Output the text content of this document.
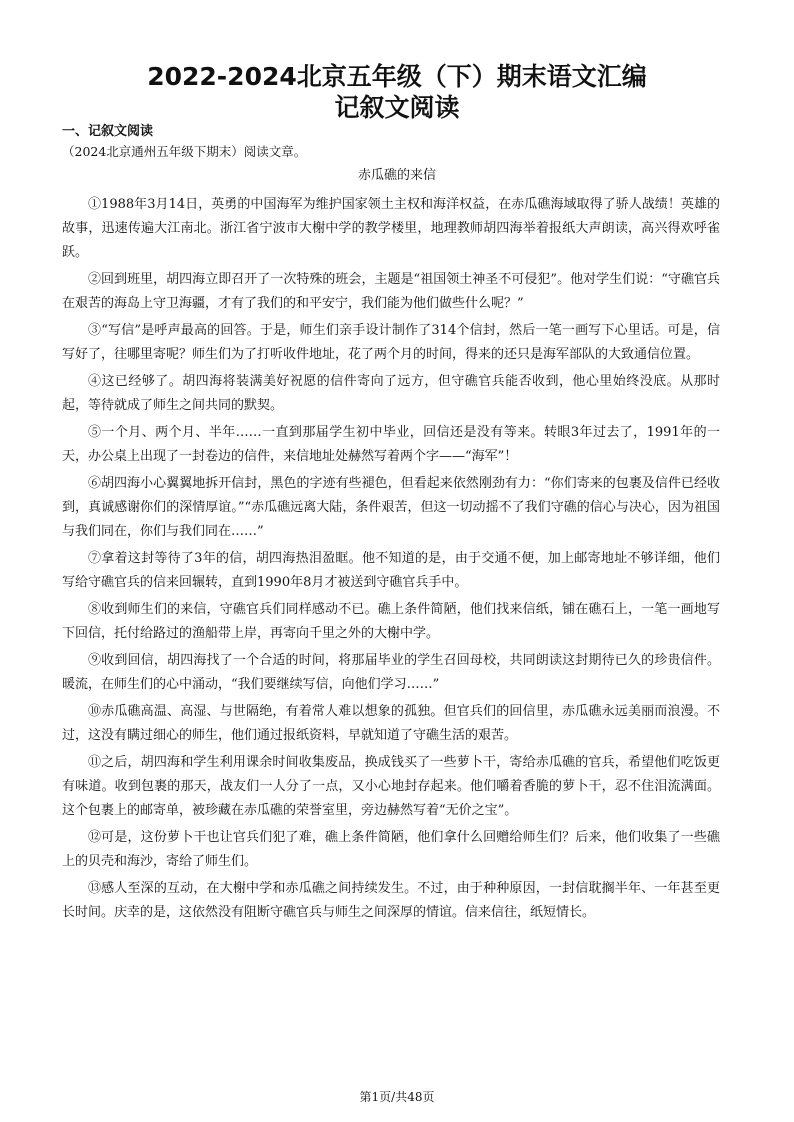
2022-2024北京五年级（下）期末语文汇编
记叙文阅读
一、记叙文阅读
（2024北京通州五年级下期末）阅读文章。
赤瓜礁的来信

①1988年3月14日，英勇的中国海军为维护国家领土主权和海洋权益，在赤瓜礁海域取得了骄人战绩！英雄的故事，迅速传遍大江南北。浙江省宁波市大榭中学的教学楼里，地理教师胡四海举着报纸大声朗读，高兴得欢呼雀跃。

②回到班里，胡四海立即召开了一次特殊的班会，主题是“祖国领土神圣不可侵犯”。他对学生们说：“守礁官兵在艰苦的海岛上守卫海疆，才有了我们的和平安宁，我们能为他们做些什么呢？”

③“写信”是呼声最高的回答。于是，师生们亲手设计制作了314个信封，然后一笔一画写下心里话。可是，信写好了，往哪里寄呢？师生们为了打听收件地址，花了两个月的时间，得来的还只是海军部队的大致通信位置。

④这已经够了。胡四海将装满美好祝愿的信件寄向了远方，但守礁官兵能否收到，他心里始终没底。从那时起，等待就成了师生之间共同的默契。

⑤一个月、两个月、半年……一直到那届学生初中毕业，回信还是没有等来。转眼3年过去了，1991年的一天，办公桌上出现了一封卷边的信件，来信地址处赫然写着两个字——“海军”！

⑥胡四海小心翼翼地拆开信封，黑色的字迹有些褪色，但看起来依然刚劲有力：“你们寄来的包裹及信件已经收到，真诚感谢你们的深情厚谊。”“赤瓜礁远离大陆，条件艰苦，但这一切动摇不了我们守礁的信心与决心，因为祖国与我们同在，你们与我们同在……”

⑦拿着这封等待了3年的信，胡四海热泪盈眶。他不知道的是，由于交通不便，加上邮寄地址不够详细，他们写给守礁官兵的信来回辗转，直到1990年8月才被送到守礁官兵手中。

⑧收到师生们的来信，守礁官兵们同样感动不已。礁上条件简陋，他们找来信纸，铺在礁石上，一笔一画地写下回信，托付给路过的渔船带上岸，再寄向千里之外的大榭中学。

⑨收到回信，胡四海找了一个合适的时间，将那届毕业的学生召回母校，共同朗读这封期待已久的珍贵信件。暖流，在师生们的心中涌动，“我们要继续写信，向他们学习……”

⑩赤瓜礁高温、高湿、与世隔绝，有着常人难以想象的孤独。但官兵们的回信里，赤瓜礁永远美丽而浪漫。不过，这没有瞒过细心的师生，他们通过报纸资料，早就知道了守礁生活的艰苦。

⑪之后，胡四海和学生利用课余时间收集废品，换成钱买了一些萝卜干，寄给赤瓜礁的官兵，希望他们吃饭更有味道。收到包裹的那天，战友们一人分了一点，又小心地封存起来。他们嚼着香脆的萝卜干，忍不住泪流满面。这个包裹上的邮寄单，被珍藏在赤瓜礁的荣誉室里，旁边赫然写着“无价之宝”。

⑫可是，这份萝卜干也让官兵们犯了难，礁上条件简陋，他们拿什么回赠给师生们？后来，他们收集了一些礁上的贝壳和海沙，寄给了师生们。

⑬感人至深的互动，在大榭中学和赤瓜礁之间持续发生。不过，由于种种原因，一封信耽搁半年、一年甚至更长时间。庆幸的是，这依然没有阻断守礁官兵与师生之间深厚的情谊。信来信往，纸短情长。

第1页/共48页
